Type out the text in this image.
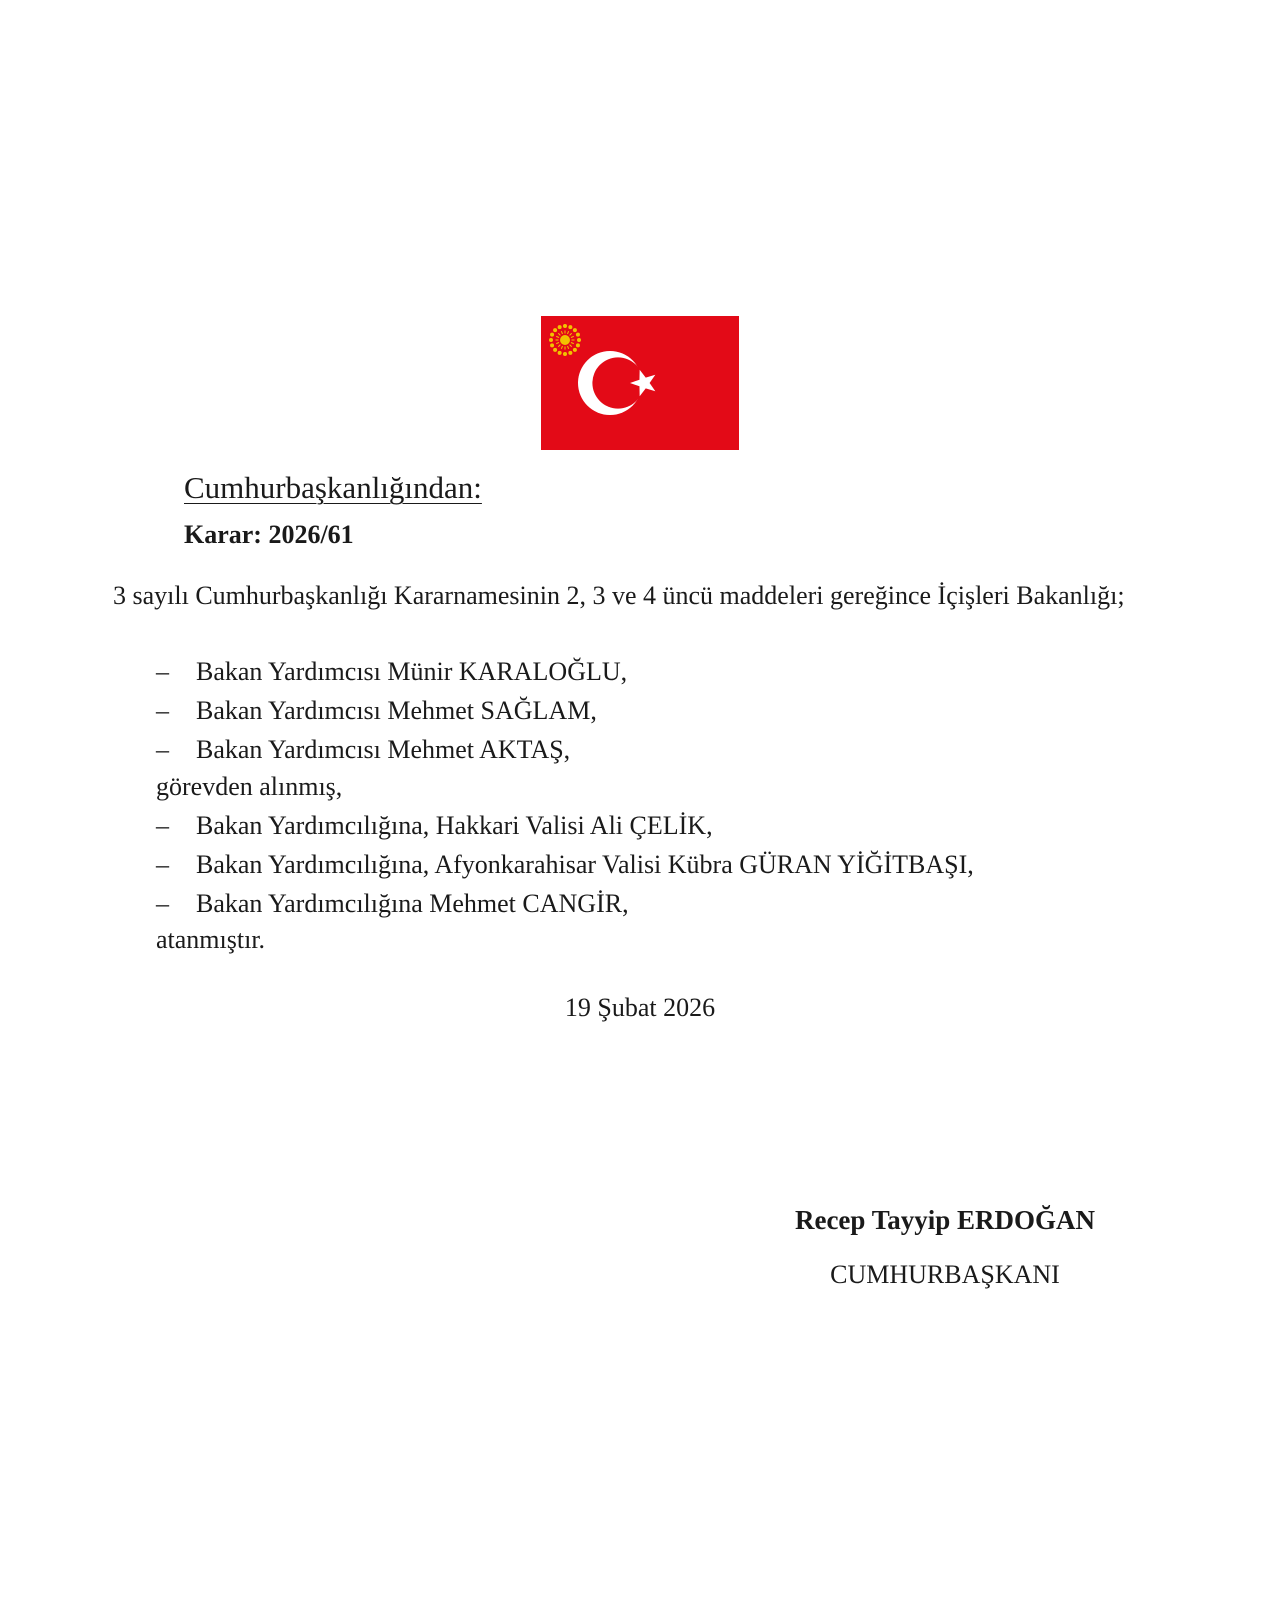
Cumhurbaşkanlığından:
Karar: 2026/61

3 sayılı Cumhurbaşkanlığı Kararnamesinin 2, 3 ve 4 üncü maddeleri gereğince İçişleri Bakanlığı;

– Bakan Yardımcısı Münir KARALOĞLU,
– Bakan Yardımcısı Mehmet SAĞLAM,
– Bakan Yardımcısı Mehmet AKTAŞ,
görevden alınmış,
– Bakan Yardımcılığına, Hakkari Valisi Ali ÇELİK,
– Bakan Yardımcılığına, Afyonkarahisar Valisi Kübra GÜRAN YİĞİTBAŞI,
– Bakan Yardımcılığına Mehmet CANGİR,
atanmıştır.
19 Şubat 2026
Recep Tayyip ERDOĞAN
CUMHURBAŞKANI
